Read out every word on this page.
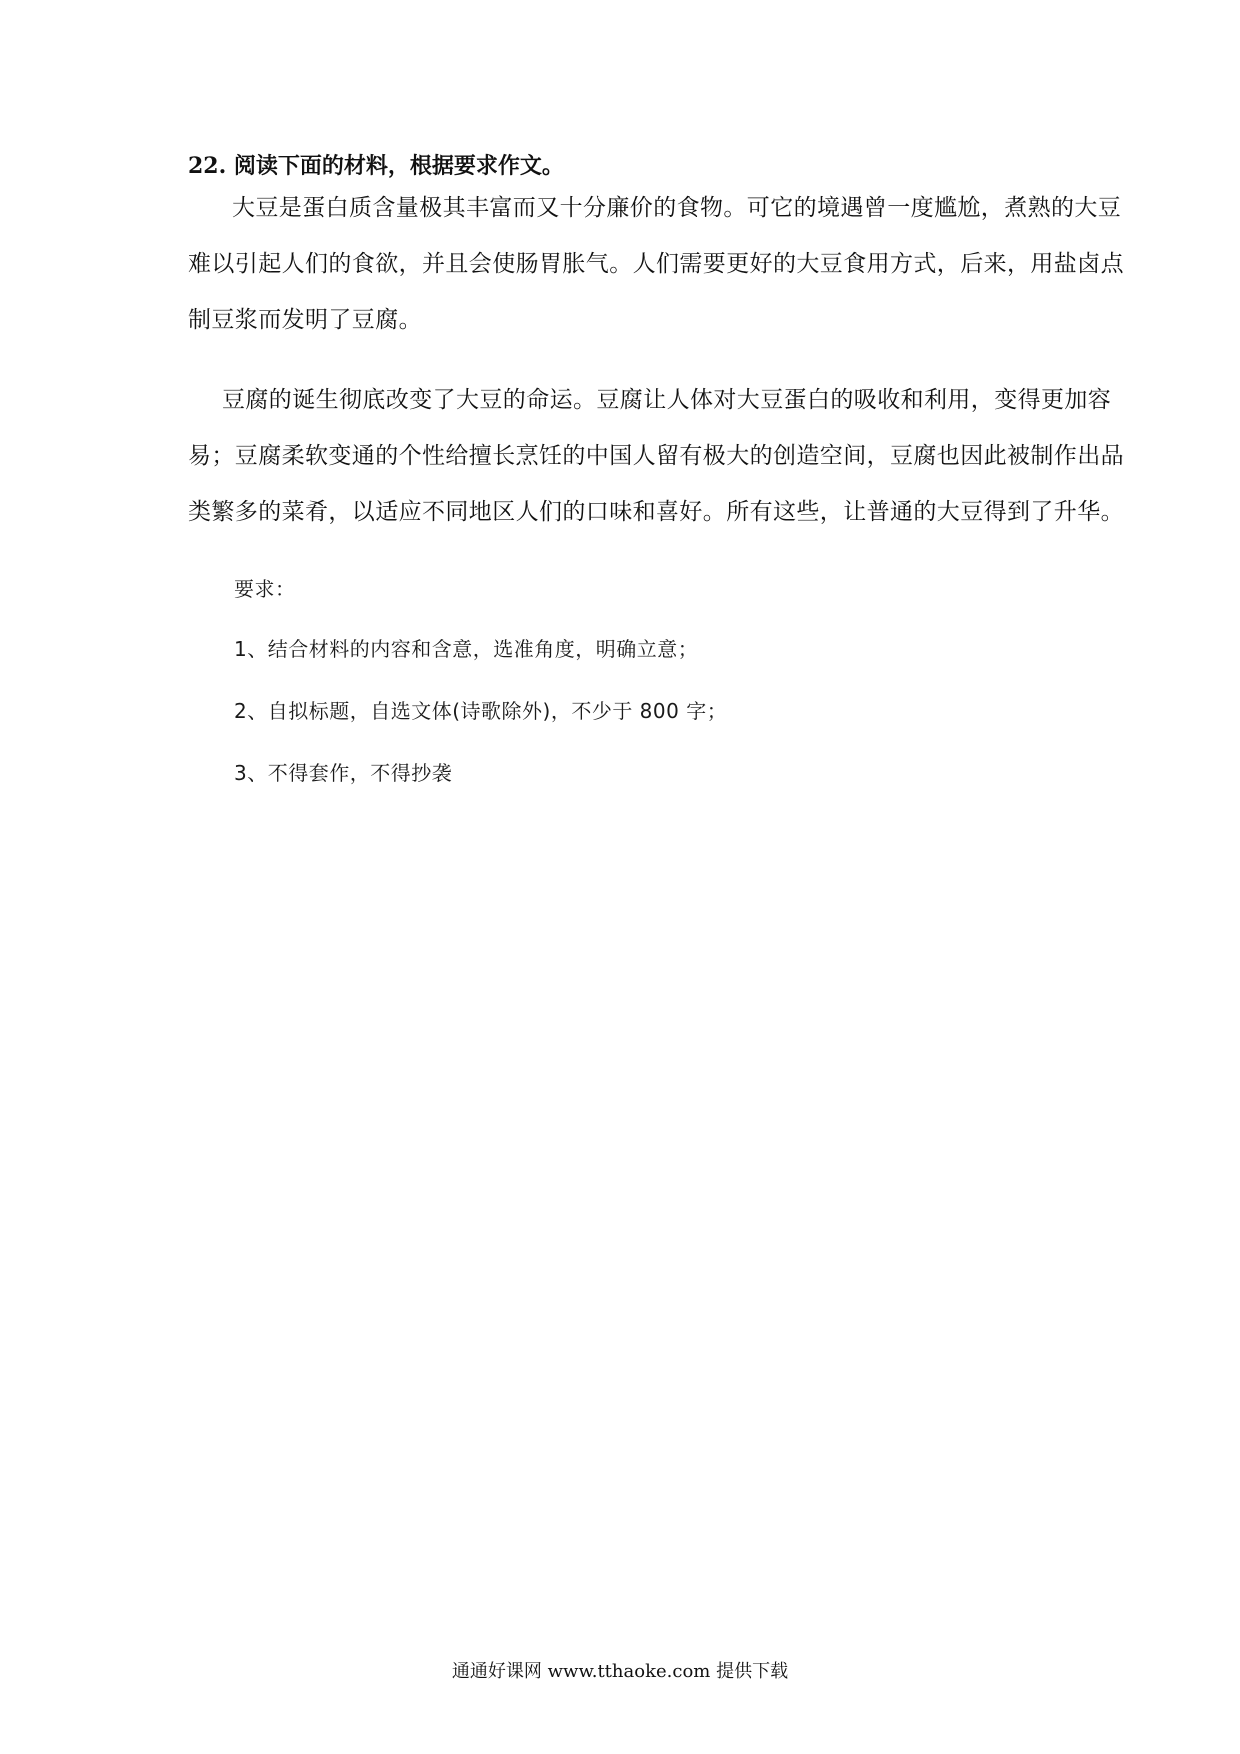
22. 阅读下面的材料，根据要求作文。
大豆是蛋白质含量极其丰富而又十分廉价的食物。可它的境遇曾一度尴尬，煮熟的大豆
难以引起人们的食欲，并且会使肠胃胀气。人们需要更好的大豆食用方式，后来，用盐卤点
制豆浆而发明了豆腐。
豆腐的诞生彻底改变了大豆的命运。豆腐让人体对大豆蛋白的吸收和利用，变得更加容
易；豆腐柔软变通的个性给擅长烹饪的中国人留有极大的创造空间，豆腐也因此被制作出品
类繁多的菜肴，以适应不同地区人们的口味和喜好。所有这些，让普通的大豆得到了升华。
要求：
1、结合材料的内容和含意，选准角度，明确立意；
2、自拟标题，自选文体(诗歌除外)，不少于 800 字；
3、不得套作，不得抄袭
通通好课网 www.tthaoke.com 提供下载
